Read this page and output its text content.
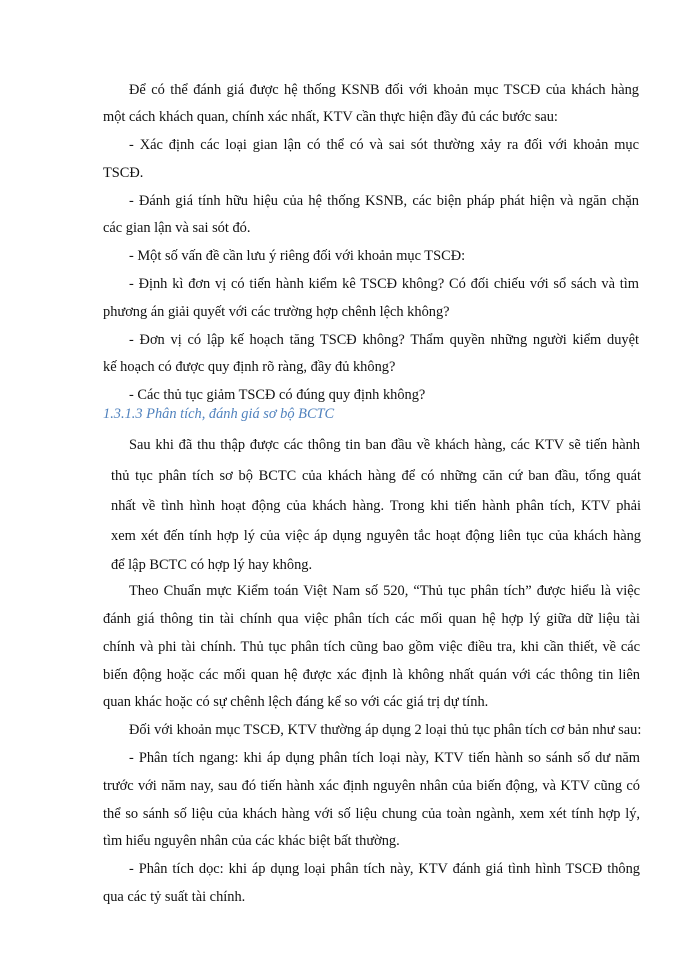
Để có thể đánh giá được hệ thống KSNB đối với khoản mục TSCĐ của khách hàng
một cách khách quan, chính xác nhất, KTV cần thực hiện đầy đủ các bước sau:
- Xác định các loại gian lận có thể có và sai sót thường xảy ra đối với khoản mục
TSCĐ.
- Đánh giá tính hữu hiệu của hệ thống KSNB, các biện pháp phát hiện và ngăn chặn
các gian lận và sai sót đó.
- Một số vấn đề cần lưu ý riêng đối với khoản mục TSCĐ:
- Định kì đơn vị có tiến hành kiểm kê TSCĐ không? Có đối chiếu với sổ sách và tìm
phương án giải quyết với các trường hợp chênh lệch không?
- Đơn vị có lập kế hoạch tăng TSCĐ không? Thẩm quyền những người kiểm duyệt
kế hoạch có được quy định rõ ràng, đầy đủ không?
- Các thủ tục giảm TSCĐ có đúng quy định không?
Sau khi đã thu thập được các thông tin ban đầu về khách hàng, các KTV sẽ tiến hành
thủ tục phân tích sơ bộ BCTC của khách hàng để có những căn cứ ban đầu, tổng quát
nhất về tình hình hoạt động của khách hàng. Trong khi tiến hành phân tích, KTV phải
xem xét đến tính hợp lý của việc áp dụng nguyên tắc hoạt động liên tục của khách hàng
để lập BCTC có hợp lý hay không.
Theo Chuẩn mực Kiểm toán Việt Nam số 520, “Thủ tục phân tích” được hiểu là việc
đánh giá thông tin tài chính qua việc phân tích các mối quan hệ hợp lý giữa dữ liệu tài
chính và phi tài chính. Thủ tục phân tích cũng bao gồm việc điều tra, khi cần thiết, về các
biến động hoặc các mối quan hệ được xác định là không nhất quán với các thông tin liên
quan khác hoặc có sự chênh lệch đáng kể so với các giá trị dự tính.
Đối với khoản mục TSCĐ, KTV thường áp dụng 2 loại thủ tục phân tích cơ bản như sau:
- Phân tích ngang: khi áp dụng phân tích loại này, KTV tiến hành so sánh số dư năm
trước với năm nay, sau đó tiến hành xác định nguyên nhân của biến động, và KTV cũng có
thể so sánh số liệu của khách hàng với số liệu chung của toàn ngành, xem xét tính hợp lý,
tìm hiểu nguyên nhân của các khác biệt bất thường.
- Phân tích dọc: khi áp dụng loại phân tích này, KTV đánh giá tình hình TSCĐ thông
qua các tỷ suất tài chính.
1.3.1.3 Phân tích, đánh giá sơ bộ BCTC
